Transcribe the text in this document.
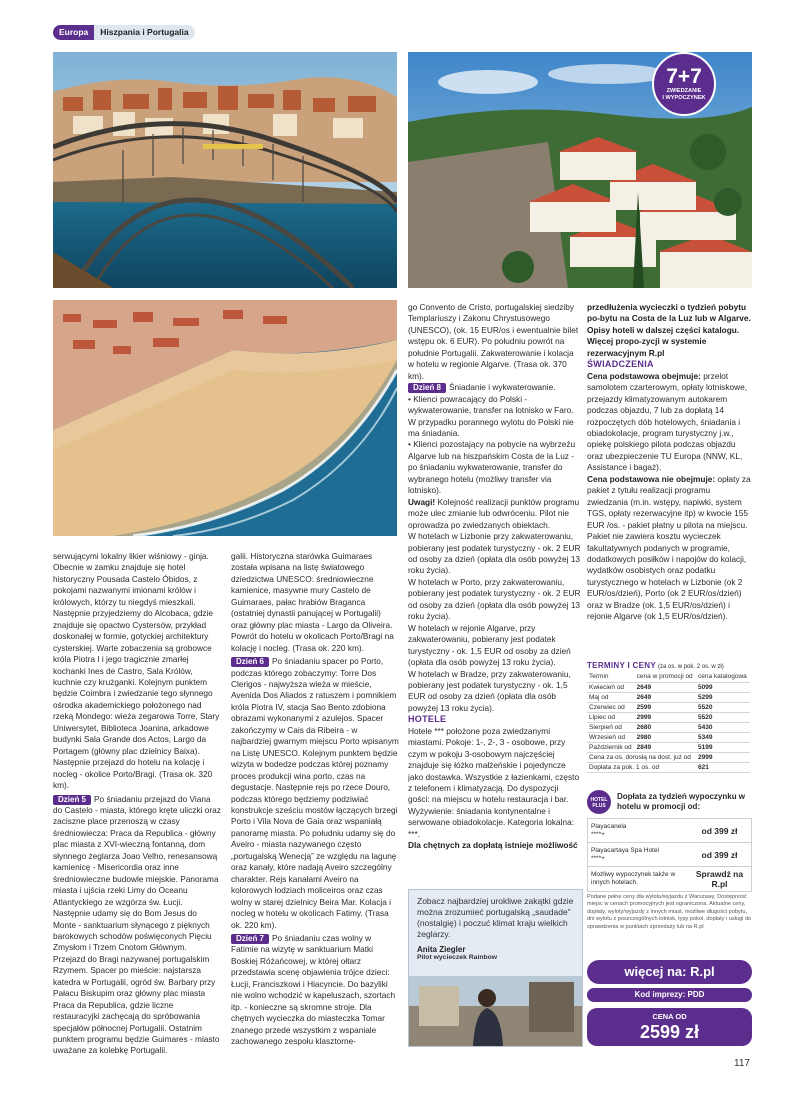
Europa	Hiszpania i Portugalia
7+7
ZWIEDZANIE
I WYPOCZYNEK

serwującymi lokalny likier wiśniowy - ginja. Obecnie w zamku znajduje się hotel historyczny Pousada Castelo Óbidos, z pokojami nazwanymi imionami królów i królowych, którzy tu niegdyś mieszkali. Następnie przyjedziemy do Alcobaca, gdzie znajduje się opactwo Cystersów, przykład doskonałej w formie, gotyckiej architektury cysterskiej. Warte zobaczenia są grobowce króla Piotra I i jego tragicznie zmarłej kochanki Ines de Castro, Sala Królów, kuchnie czy krużganki. Kolejnym punktem będzie Coimbra i zwiedzanie tego słynnego ośrodka akademickiego położonego nad rzeką Mondego: wieża zegarowa Torre, Stary Uniwersytet, Biblioteca Joanina, arkadowe budynki Sala Grande dos Actos, Largo da Portagem (główny plac dzielnicy Baixa). Następnie przejazd do hotelu na kolację i nocleg - okolice Porto/Bragi. (Trasa ok. 320 km).

Dzień 5 Po śniadaniu przejazd do Viana do Castelo - miasta, którego kręte uliczki oraz zaciszne place przenoszą w czasy średniowiecza: Praca da Republica - główny plac miasta z XVI-wieczną fontanną, dom słynnego żeglarza Joao Velho, renesansową kamienicę - Misericordia oraz inne średniowieczne budowle miejskie. Panorama miasta i ujścia rzeki Limy do Oceanu Atlantyckiego ze wzgórza św. Łucji. Następnie udamy się do Bom Jesus do Monte - sanktuarium słynącego z pięknych barokowych schodów poświęconych Pięciu Zmysłom i Trzem Cnotom Głównym. Przejazd do Bragi nazywanej portugalskim Rzymem. Spacer po mieście: najstarsza katedra w Portugalii, ogród św. Barbary przy Pałacu Biskupim oraz główny plac miasta Praca da Republica, gdzie liczne restauracyjki zachęcają do spróbowania specjałów północnej Portugalii. Ostatnim punktem programu będzie Guimares - miasto uważane za kolebkę Portugalii.

galii. Historyczna starówka Guimaraes została wpisana na listę światowego dziedzictwa UNESCO: średniowieczne kamienice, masywne mury Castelo de Guimaraes, pałac hrabiów Braganca (ostatniej dynastii panującej w Portugalii) oraz główny plac miasta - Largo da Oliveira. Powrót do hotelu w okolicach Porto/Bragi na kolację i nocleg. (Trasa ok. 220 km).

Dzień 6 Po śniadaniu spacer po Porto, podczas którego zobaczymy: Torre Dos Clerigos - najwyższa wieża w mieście, Avenida Dos Aliados z ratuszem i pomnikiem króla Piotra IV, stacja Sao Bento zdobiona obrazami wykonanymi z azulejos. Spacer zakończymy w Cais da Ribeira - w najbardziej gwarnym miejscu Porto wpisanym na Listę UNESCO. Kolejnym punktem będzie wizyta w bodedze podczas której poznamy proces produkcji wina porto, czas na degustacje. Następnie rejs po rzece Douro, podczas którego będziemy podziwiać konstrukcje sześciu mostów łączących brzegi Porto i Vila Nova de Gaia oraz wspaniałą panoramę miasta. Po południu udamy się do Aveiro - miasta nazywanego często „portugalską Wenecją” ze względu na lagunę oraz kanały, które nadają Aveiro szczególny charakter. Rejs kanałami Aveiro na kolorowych łodziach moliceiros oraz czas wolny w starej dzielnicy Beira Mar. Kolacja i nocleg w hotelu w okolicach Fatimy. (Trasa ok. 220 km).

Dzień 7 Po śniadaniu czas wolny w Fatimie na wizytę w sanktuarium Matki Boskiej Różańcowej, w której ołtarz przedstawia scenę objawienia trójce dzieci: Łucji, Franciszkowi i Hiacyncie. Do bazyliki nie wolno wchodzić w kapeluszach, szortach itp. - konieczne są skromne stroje. Dla chętnych wycieczka do miasteczka Tomar znanego przede wszystkim z wspaniale zachowanego zespołu klasztorne-

go Convento de Cristo, portugalskiej siedziby Templariuszy i Zakonu Chrystusowego (UNESCO), (ok. 15 EUR/os i ewentualnie bilet wstępu ok. 6 EUR). Po południu powrót na południe Portugalii. Zakwaterowanie i kolacja w hotelu w regionie Algarve. (Trasa ok. 370 km).

Dzień 8 Śniadanie i wykwaterowanie.

• Klienci powracający do Polski - wykwaterowanie, transfer na lotnisko w Faro. W przypadku porannego wylotu do Polski nie ma śniadania.

• Klienci pozostający na pobycie na wybrzeżu Algarve lub na hiszpańskim Costa de la Luz - po śniadaniu wykwaterowanie, transfer do wybranego hotelu (możliwy transfer via lotnisko).

Uwagi! Kolejność realizacji punktów programu może ulec zmianie lub odwróceniu. Pilot nie oprowadza po zwiedzanych obiektach.

W hotelach w Lizbonie przy zakwaterowaniu, pobierany jest podatek turystyczny - ok. 2 EUR od osoby za dzień (opłata dla osób powyżej 13 roku życia).

W hotelach w Porto, przy zakwaterowaniu, pobierany jest podatek turystyczny - ok. 2 EUR od osoby za dzień (opłata dla osób powyżej 13 roku życia).

W hotelach w rejonie Algarve, przy zakwaterowaniu, pobierany jest podatek turystyczny - ok. 1,5 EUR od osoby za dzień (opłata dla osób powyżej 13 roku życia).

W hotelach w Bradze, przy zakwaterowaniu, pobierany jest podatek turystyczny - ok. 1,5 EUR od osoby za dzień (opłata dla osób powyżej 13 roku życia).

HOTELE

Hotele *** położone poza zwiedzanymi miastami. Pokoje: 1-, 2-, 3 - osobowe, przy czym w pokoju 3-osobowym najczęściej znajduje się łóżko małżeńskie i pojedyncze jako dostawka. Wszystkie z łazienkami, często z telefonem i klimatyzacją. Do dyspozycji gości: na miejscu w hotelu restauracja i bar. Wyżywienie: śniadania kontynentalne i serwowane obiadokolacje. Kategoria lokalna: ***.

Dla chętnych za dopłatą istnieje możliwość

Zobacz najbardziej urokliwe zakątki gdzie można zrozumieć portugalską „saudade” (nostalgię) i poczuć klimat kraju wielkich żeglarzy.
Anita Ziegler
Pilot wycieczek Rainbow

przedłużenia wycieczki o tydzień pobytu po-bytu na Costa de la Luz lub w Algarve. Opisy hoteli w dalszej części katalogu. Więcej propo-zycji w systemie rezerwacyjnym R.pl

ŚWIADCZENIA

Cena podstawowa obejmuje: przelot samolotem czarterowym, opłaty lotniskowe, przejazdy klimatyzowanym autokarem podczas objazdu, 7 lub za dopłatą 14 rozpoczętych dób hotelowych, śniadania i obiadokolacje, program turystyczny j.w., opiekę polskiego pilota podczas objazdu oraz ubezpieczenie TU Europa (NNW, KL, Assistance i bagaż).

Cena podstawowa nie obejmuje: opłaty za pakiet z tytułu realizacji programu zwiedzania (m.in. wstępy, napiwki, system TGS, opłaty rezerwacyjne itp) w kwocie 155 EUR /os. - pakiet płatny u pilota na miejscu. Pakiet nie zawiera kosztu wycieczek fakultatywnych podanych w programie, dodatkowych posiłków i napojów do kolacji, wydatków osobistych oraz podatku turystycznego w hotelach w Lizbonie (ok 2 EUR/os/dzień), Porto (ok 2 EUR/os/dzień) oraz w Bradze (ok. 1,5 EUR/os/dzień) i rejonie Algarve (ok 1,5 EUR/os/dzień).

TERMINY I CENY (za os. w pok. 2 os. w zł)
Termin	cena w promocji od	cena katalogowa
Kwiecień od	2649	5099
Maj od	2649	5299
Czerwiec od	2599	5520
Lipiec od	2999	5520
Sierpień od	2680	5430
Wrzesień od	2980	5349
Październik od	2849	5199
Cena za os. dorosłą na dost. już od		2999
Dopłata za pok. 1 os. od		621
HOTEL PLUS
Dopłata za tydzień wypoczynku w hotelu w promocji od:
Playacanela
****+	od 399 zł
Playacartaya Spa Hotel
****+	od 399 zł
Możliwy wypoczynek także w innych hotelach.
Sprawdź na R.pl
Podane pełne ceny dla wylotu/wyjazdu z Warszawy. Dostępność miejsc w cenach promocyjnych jest ograniczona. Aktualne ceny, dopłaty, wyloty/wyjazdy z innych miast, możliwe długości pobytu, dni wylotu z poszczególnych lotnisk, typy pokoi, dopłaty i usługi do sprawdzenia w punktach sprzedaży lub na R.pl
więcej na: R.pl
Kod imprezy: PDD
CENA OD
2599 zł
117
